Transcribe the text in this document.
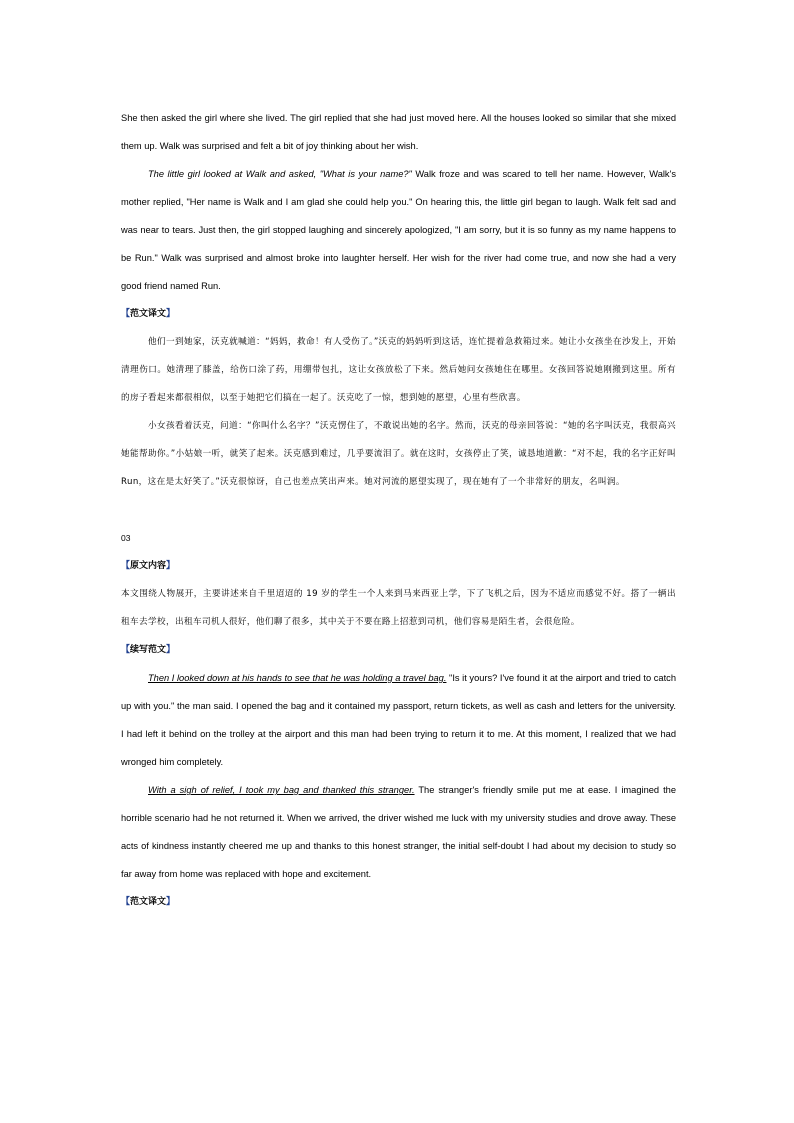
She then asked the girl where she lived. The girl replied that she had just moved here. All the houses looked so similar that she mixed them up. Walk was surprised and felt a bit of joy thinking about her wish.

The little girl looked at Walk and asked, "What is your name?" Walk froze and was scared to tell her name. However, Walk's mother replied, "Her name is Walk and I am glad she could help you." On hearing this, the little girl began to laugh. Walk felt sad and was near to tears. Just then, the girl stopped laughing and sincerely apologized, "I am sorry, but it is so funny as my name happens to be Run." Walk was surprised and almost broke into laughter herself. Her wish for the river had come true, and now she had a very good friend named Run.

【范文译文】

他们一到她家，沃克就喊道：“妈妈，救命！有人受伤了。”沃克的妈妈听到这话，连忙提着急救箱过来。她让小女孩坐在沙发上，开始清理伤口。她清理了膝盖，给伤口涂了药，用绷带包扎，这让女孩放松了下来。然后她问女孩她住在哪里。女孩回答说她刚搬到这里。所有的房子看起来都很相似，以至于她把它们搞在一起了。沃克吃了一惊，想到她的愿望，心里有些欣喜。

小女孩看着沃克，问道：“你叫什么名字？”沃克愣住了，不敢说出她的名字。然而，沃克的母亲回答说：“她的名字叫沃克，我很高兴她能帮助你。”小姑娘一听，就笑了起来。沃克感到难过，几乎要流泪了。就在这时，女孩停止了笑，诚恳地道歉：“对不起，我的名字正好叫 Run，这在是太好笑了。”沃克很惊讶，自己也差点笑出声来。她对河流的愿望实现了，现在她有了一个非常好的朋友，名叫润。

03
【原文内容】

本文围绕人物展开，主要讲述来自千里迢迢的 19 岁的学生一个人来到马来西亚上学，下了飞机之后，因为不适应而感觉不好。搭了一辆出租车去学校，出租车司机人很好，他们聊了很多，其中关于不要在路上招惹到司机，他们容易是陌生者，会很危险。

【续写范文】

Then I looked down at his hands to see that he was holding a travel bag. "Is it yours? I've found it at the airport and tried to catch up with you." the man said. I opened the bag and it contained my passport, return tickets, as well as cash and letters for the university. I had left it behind on the trolley at the airport and this man had been trying to return it to me. At this moment, I realized that we had wronged him completely.

With a sigh of relief, I took my bag and thanked this stranger. The stranger's friendly smile put me at ease. I imagined the horrible scenario had he not returned it. When we arrived, the driver wished me luck with my university studies and drove away. These acts of kindness instantly cheered me up and thanks to this honest stranger, the initial self-doubt I had about my decision to study so far away from home was replaced with hope and excitement.

【范文译文】
